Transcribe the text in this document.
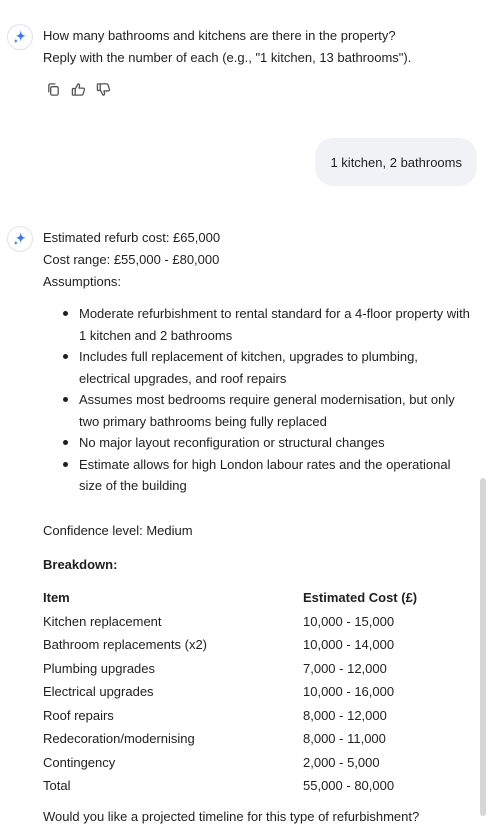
How many bathrooms and kitchens are there in the property?
Reply with the number of each (e.g., "1 kitchen, 13 bathrooms").
1 kitchen, 2 bathrooms
Estimated refurb cost: £65,000
Cost range: £55,000 - £80,000
Assumptions:
Moderate refurbishment to rental standard for a 4-floor property with 1 kitchen and 2 bathrooms
Includes full replacement of kitchen, upgrades to plumbing, electrical upgrades, and roof repairs
Assumes most bedrooms require general modernisation, but only two primary bathrooms being fully replaced
No major layout reconfiguration or structural changes
Estimate allows for high London labour rates and the operational size of the building
Confidence level: Medium
Breakdown:
Item	Estimated Cost (£)
Kitchen replacement	10,000 - 15,000
Bathroom replacements (x2)	10,000 - 14,000
Plumbing upgrades	7,000 - 12,000
Electrical upgrades	10,000 - 16,000
Roof repairs	8,000 - 12,000
Redecoration/modernising	8,000 - 11,000
Contingency	2,000 - 5,000
Total	55,000 - 80,000
Would you like a projected timeline for this type of refurbishment?
